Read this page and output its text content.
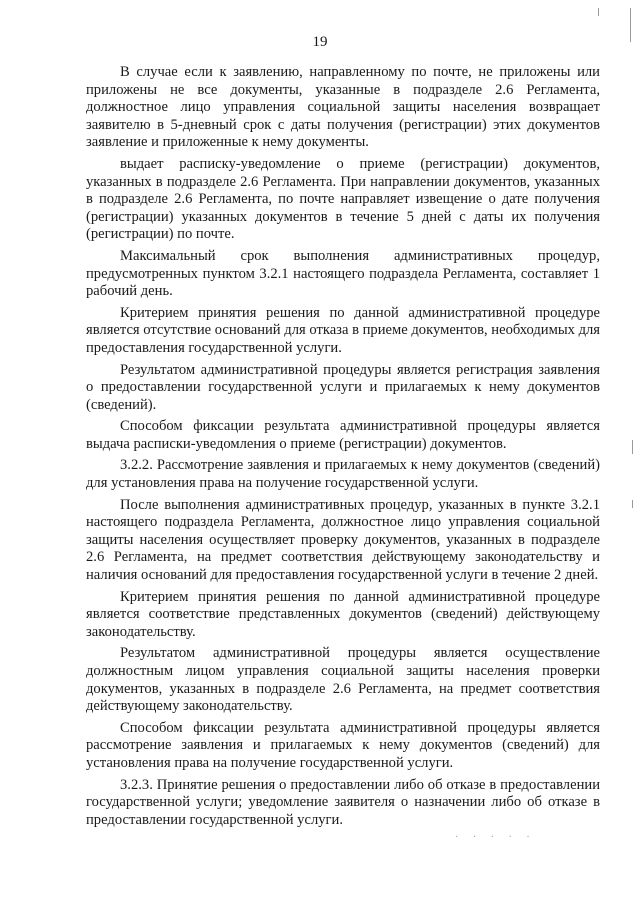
19

В случае если к заявлению, направленному по почте, не приложены или приложены не все документы, указанные в подразделе 2.6 Регламента, должностное лицо управления социальной защиты населения возвращает заявителю в 5-дневный срок с даты получения (регистрации) этих документов заявление и приложенные к нему документы.

выдает расписку-уведомление о приеме (регистрации) документов, указанных в подразделе 2.6 Регламента. При направлении документов, указанных в подразделе 2.6 Регламента, по почте направляет извещение о дате получения (регистрации) указанных документов в течение 5 дней с даты их получения (регистрации) по почте.

Максимальный срок выполнения административных процедур, предусмотренных пунктом 3.2.1 настоящего подраздела Регламента, составляет 1 рабочий день.

Критерием принятия решения по данной административной процедуре является отсутствие оснований для отказа в приеме документов, необходимых для предоставления государственной услуги.

Результатом административной процедуры является регистрация заявления о предоставлении государственной услуги и прилагаемых к нему документов (сведений).

Способом фиксации результата административной процедуры является выдача расписки-уведомления о приеме (регистрации) документов.

3.2.2. Рассмотрение заявления и прилагаемых к нему документов (сведений) для установления права на получение государственной услуги.

После выполнения административных процедур, указанных в пункте 3.2.1 настоящего подраздела Регламента, должностное лицо управления социальной защиты населения осуществляет проверку документов, указанных в подразделе 2.6 Регламента, на предмет соответствия действующему законодательству и наличия оснований для предоставления государственной услуги в течение 2 дней.

Критерием принятия решения по данной административной процедуре является соответствие представленных документов (сведений) действующему законодательству.

Результатом административной процедуры является осуществление должностным лицом управления социальной защиты населения проверки документов, указанных в подразделе 2.6 Регламента, на предмет соответствия действующему законодательству.

Способом фиксации результата административной процедуры является рассмотрение заявления и прилагаемых к нему документов (сведений) для установления права на получение государственной услуги.

3.2.3. Принятие решения о предоставлении либо об отказе в предоставлении государственной услуги; уведомление заявителя о назначении либо об отказе в предоставлении государственной услуги.

· · · · ·
